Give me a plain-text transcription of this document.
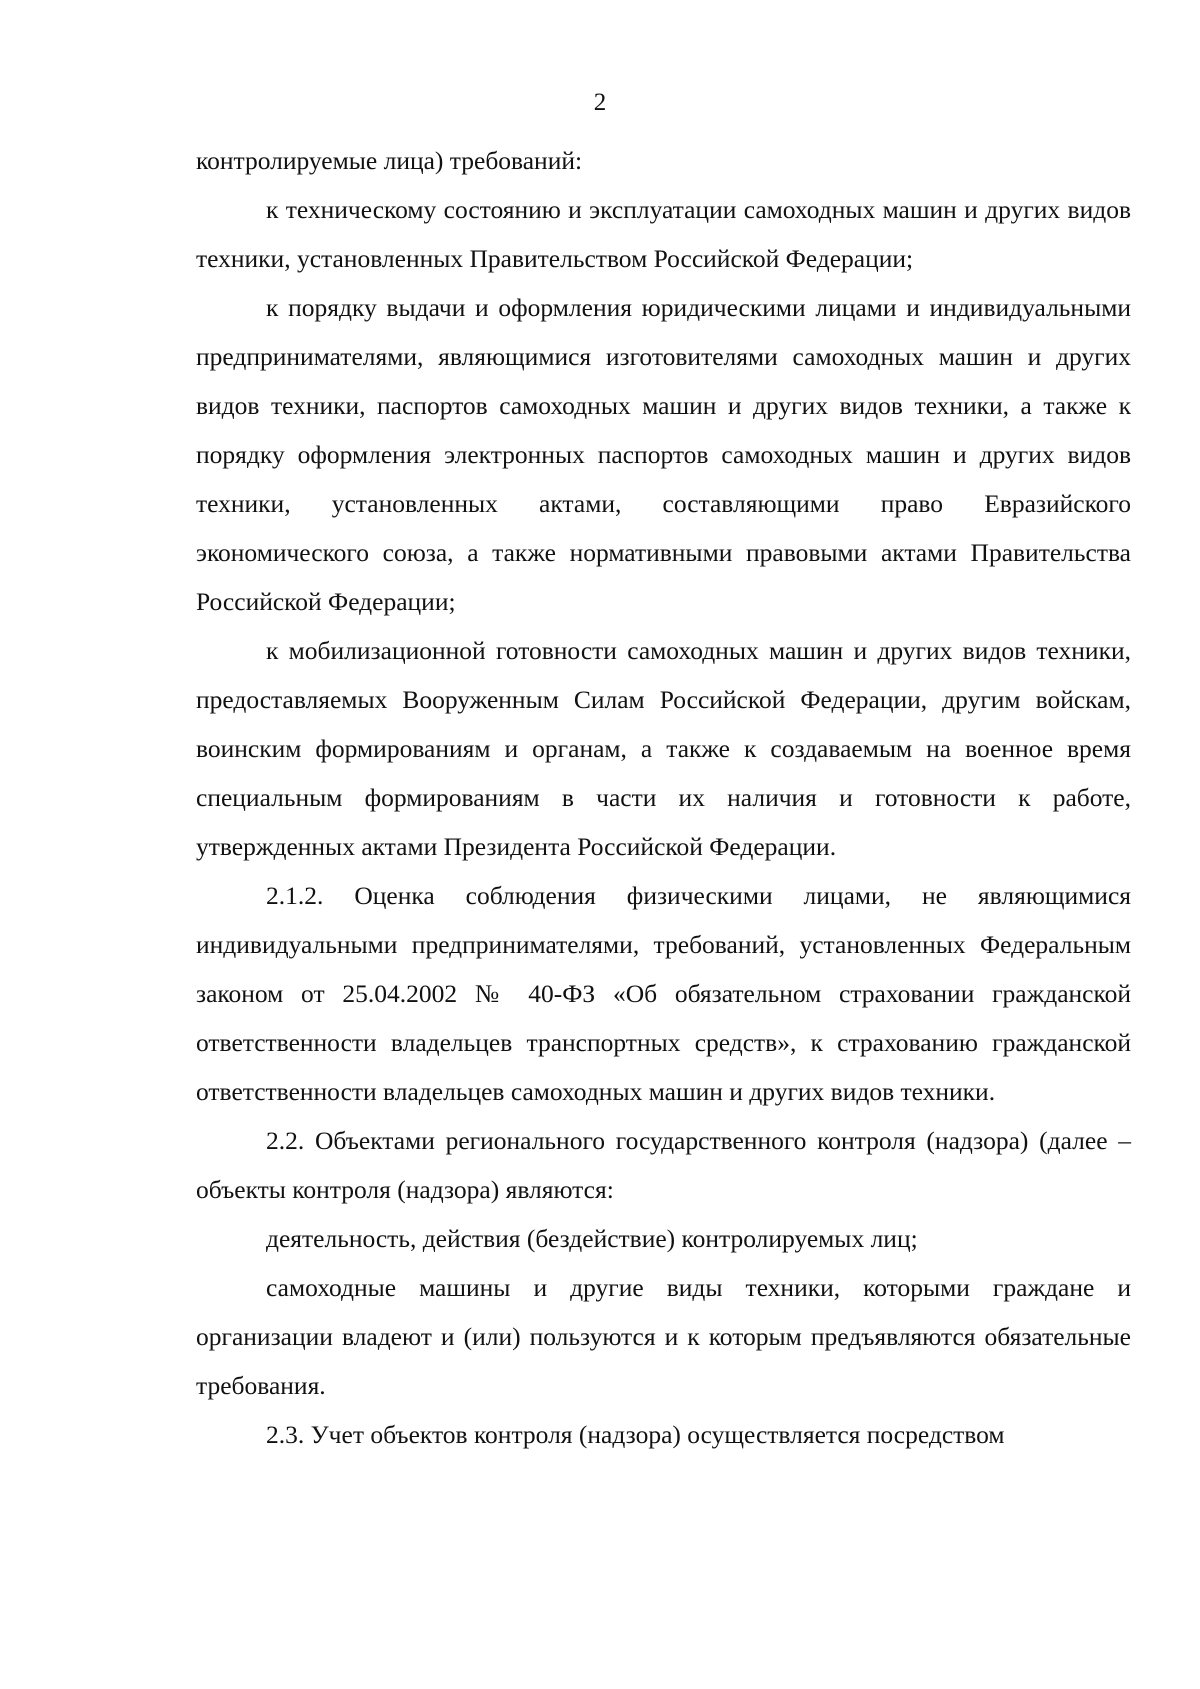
2

контролируемые лица) требований:

к техническому состоянию и эксплуатации самоходных машин и других видов техники, установленных Правительством Российской Федерации;

к порядку выдачи и оформления юридическими лицами и индивидуальными предпринимателями, являющимися изготовителями самоходных машин и других видов техники, паспортов самоходных машин и других видов техники, а также к порядку оформления электронных паспортов самоходных машин и других видов техники, установленных актами, составляющими право Евразийского экономического союза, а также нормативными правовыми актами Правительства Российской Федерации;

к мобилизационной готовности самоходных машин и других видов техники, предоставляемых Вооруженным Силам Российской Федерации, другим войскам, воинским формированиям и органам, а также к создаваемым на военное время специальным формированиям в части их наличия и готовности к работе, утвержденных актами Президента Российской Федерации.

2.1.2. Оценка соблюдения физическими лицами, не являющимися индивидуальными предпринимателями, требований, установленных Федеральным законом от 25.04.2002 № 40-ФЗ «Об обязательном страховании гражданской ответственности владельцев транспортных средств», к страхованию гражданской ответственности владельцев самоходных машин и других видов техники.

2.2. Объектами регионального государственного контроля (надзора) (далее – объекты контроля (надзора) являются:

деятельность, действия (бездействие) контролируемых лиц;

самоходные машины и другие виды техники, которыми граждане и организации владеют и (или) пользуются и к которым предъявляются обязательные требования.

2.3. Учет объектов контроля (надзора) осуществляется посредством
